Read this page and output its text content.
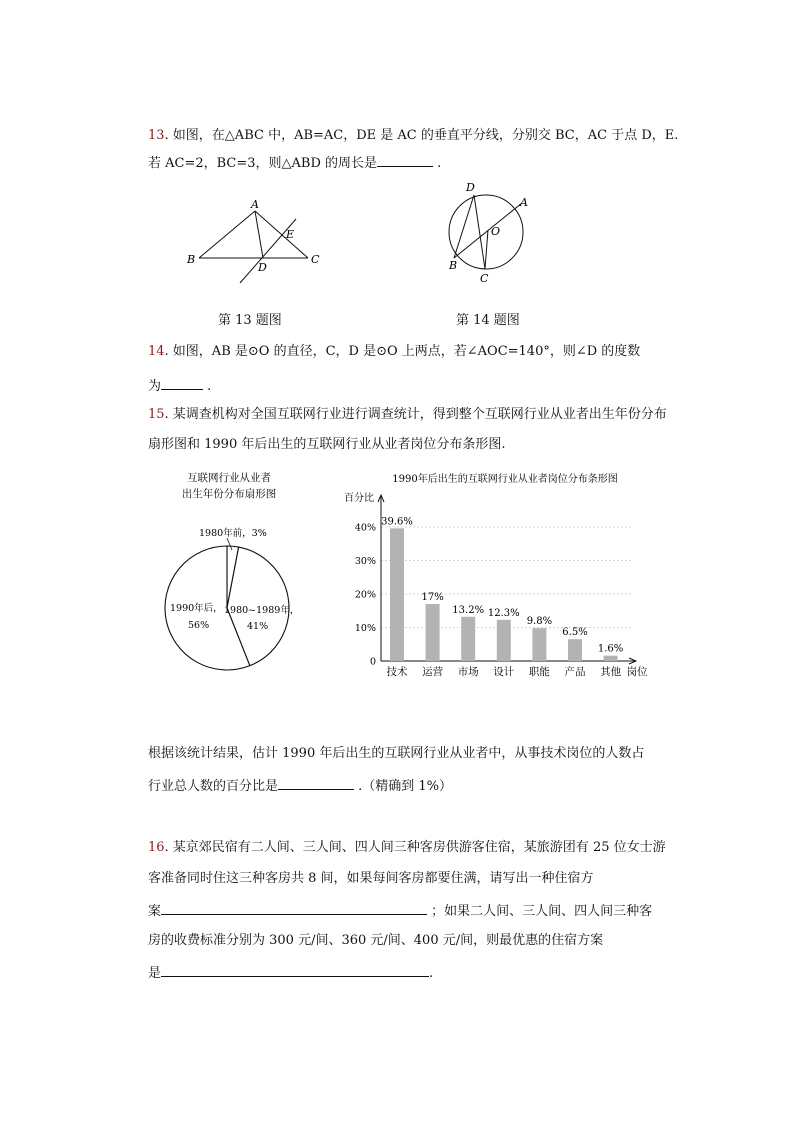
13. 如图，在△ABC 中，AB=AC，DE 是 AC 的垂直平分线，分别交 BC，AC 于点 D，E.
若 AC=2，BC=3，则△ABD 的周长是	.
A
B	C
D
E
D
A
O
B
C
第 13 题图	第 14 题图
14. 如图，AB 是⊙O 的直径，C，D 是⊙O 上两点，若∠AOC=140°，则∠D 的度数
为	.
15. 某调查机构对全国互联网行业进行调查统计，得到整个互联网行业从业者出生年份分布
扇形图和 1990 年后出生的互联网行业从业者岗位分布条形图.
互联网行业从业者
出生年份分布扇形图
1980年前，3%
1990年后，
56%
1980~1989年，
41%
1990年后出生的互联网行业从业者岗位分布条形图
百分比
0
10%
20%
30%
40%
39.6%
技术
17%
运营
13.2%
市场
12.3%
设计
9.8%
职能
6.5%
产品
1.6%
其他 岗位
根据该统计结果，估计 1990 年后出生的互联网行业从业者中，从事技术岗位的人数占
行业总人数的百分比是	.（精确到 1%）
16. 某京郊民宿有二人间、三人间、四人间三种客房供游客住宿，某旅游团有 25 位女士游
客准备同时住这三种客房共 8 间，如果每间客房都要住满，请写出一种住宿方
案	；如果二人间、三人间、四人间三种客
房的收费标准分别为 300 元/间、360 元/间、400 元/间，则最优惠的住宿方案
是	.
